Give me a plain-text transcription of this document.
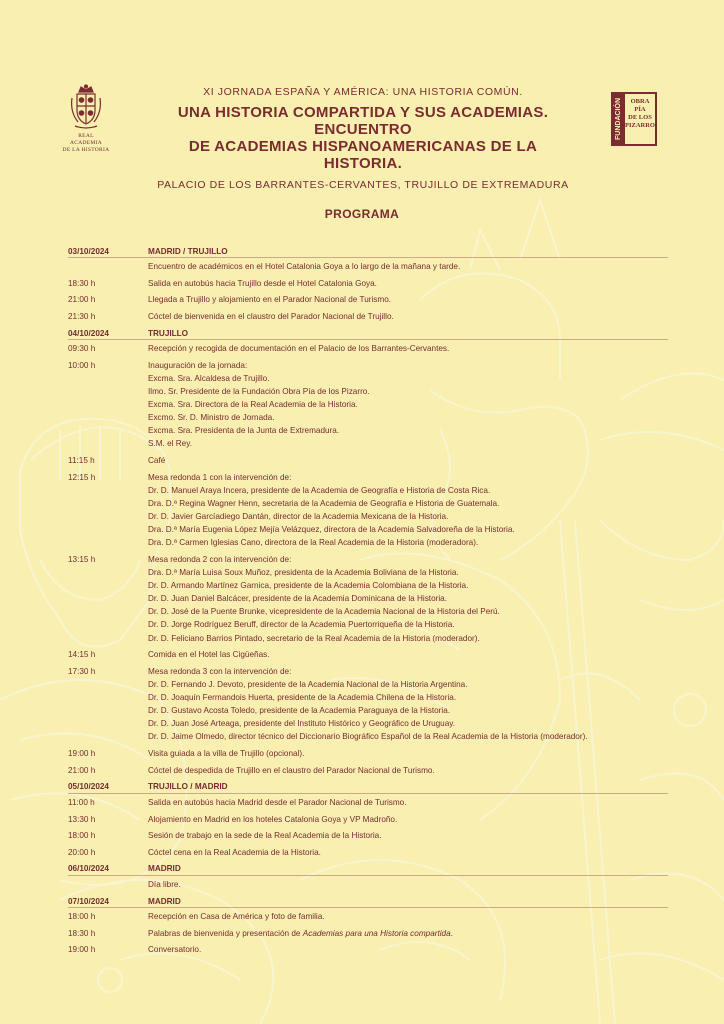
REAL ACADEMIA
DE LA HISTORIA
XI JORNADA ESPAÑA Y AMÉRICA: UNA HISTORIA COMÚN.
UNA HISTORIA COMPARTIDA Y SUS ACADEMIAS. ENCUENTRO
DE ACADEMIAS HISPANOAMERICANAS DE LA HISTORIA.
PALACIO DE LOS BARRANTES-CERVANTES, TRUJILLO DE EXTREMADURA
FUNDACIÓN	OBRA PÍA
DE LOS
PIZARRO
PROGRAMA
03/10/2024	MADRID / TRUJILLO
Encuentro de académicos en el Hotel Catalonia Goya a lo largo de la mañana y tarde.
18:30 h	Salida en autobús hacia Trujillo desde el Hotel Catalonia Goya.
21:00 h	Llegada a Trujillo y alojamiento en el Parador Nacional de Turismo.
21:30 h	Cóctel de bienvenida en el claustro del Parador Nacional de Trujillo.
04/10/2024	TRUJILLO
09:30 h	Recepción y recogida de documentación en el Palacio de los Barrantes-Cervantes.
10:00 h	Inauguración de la jornada:
Excma. Sra. Alcaldesa de Trujillo.
Ilmo. Sr. Presidente de la Fundación Obra Pía de los Pizarro.
Excma. Sra. Directora de la Real Academia de la Historia.
Excmo. Sr. D. Ministro de Jornada.
Excma. Sra. Presidenta de la Junta de Extremadura.
S.M. el Rey.
11:15 h	Café
12:15 h	Mesa redonda 1 con la intervención de:
Dr. D. Manuel Araya Incera, presidente de la Academia de Geografía e Historia de Costa Rica.
Dra. D.ª Regina Wagner Henn, secretaria de la Academia de Geografía e Historia de Guatemala.
Dr. D. Javier Garcíadiego Dantán, director de la Academia Mexicana de la Historia.
Dra. D.ª María Eugenia López Mejía Velázquez, directora de la Academia Salvadoreña de la Historia.
Dra. D.ª Carmen Iglesias Cano, directora de la Real Academia de la Historia (moderadora).
13:15 h	Mesa redonda 2 con la intervención de:
Dra. D.ª María Luisa Soux Muñoz, presidenta de la Academia Boliviana de la Historia.
Dr. D. Armando Martínez Garnica, presidente de la Academia Colombiana de la Historia.
Dr. D. Juan Daniel Balcácer, presidente de la Academia Dominicana de la Historia.
Dr. D. José de la Puente Brunke, vicepresidente de la Academia Nacional de la Historia del Perú.
Dr. D. Jorge Rodríguez Beruff, director de la Academia Puertorriqueña de la Historia.
Dr. D. Feliciano Barrios Pintado, secretario de la Real Academia de la Historia (moderador).
14:15 h	Comida en el Hotel las Cigüeñas.
17:30 h	Mesa redonda 3 con la intervención de:
Dr. D. Fernando J. Devoto, presidente de la Academia Nacional de la Historia Argentina.
Dr. D. Joaquín Fermandois Huerta, presidente de la Academia Chilena de la Historia.
Dr. D. Gustavo Acosta Toledo, presidente de la Academia Paraguaya de la Historia.
Dr. D. Juan José Arteaga, presidente del Instituto Histórico y Geográfico de Uruguay.
Dr. D. Jaime Olmedo, director técnico del Diccionario Biográfico Español de la Real Academia de la Historia (moderador).
19:00 h	Visita guiada a la villa de Trujillo (opcional).
21:00 h	Cóctel de despedida de Trujillo en el claustro del Parador Nacional de Turismo.
05/10/2024	TRUJILLO / MADRID
11:00 h	Salida en autobús hacia Madrid desde el Parador Nacional de Turismo.
13:30 h	Alojamiento en Madrid en los hoteles Catalonia Goya y VP Madroño.
18:00 h	Sesión de trabajo en la sede de la Real Academia de la Historia.
20:00 h	Cóctel cena en la Real Academia de la Historia.
06/10/2024	MADRID
Día libre.
07/10/2024	MADRID
18:00 h	Recepción en Casa de América y foto de familia.
18:30 h	Palabras de bienvenida y presentación de Academias para una Historia compartida.
19:00 h	Conversatorio.
